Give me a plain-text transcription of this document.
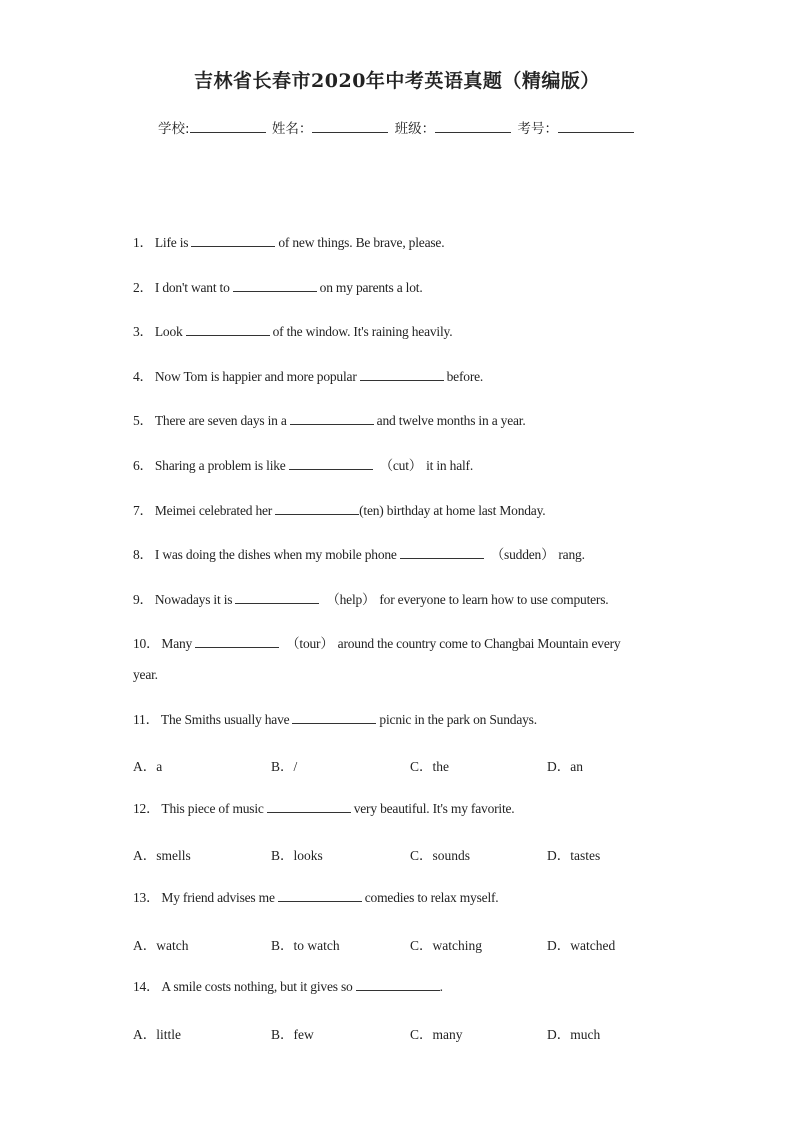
吉林省长春市2020年中考英语真题（精编版）
学校:	姓名：	班级：	考号：
1． Life is	of new things. Be brave, please.
2． I don't want to	on my parents a lot.
3． Look	of the window. It's raining heavily.
4． Now Tom is happier and more popular	before.
5． There are seven days in a	and twelve months in a year.
6． Sharing a problem is like	（cut） it in half.
7． Meimei celebrated her	(ten) birthday at home last Monday.
8． I was doing the dishes when my mobile phone	（sudden） rang.
9． Nowadays it is	（help） for everyone to learn how to use computers.
10． Many	（tour） around the country come to Changbai Mountain every year.
11． The Smiths usually have	picnic in the park on Sundays.
A．a	B．/	C．the	D．an
12． This piece of music	very beautiful. It's my favorite.
A．smells	B．looks	C．sounds	D．tastes
13． My friend advises me	comedies to relax myself.
A．watch	B．to watch	C．watching	D．watched
14． A smile costs nothing, but it gives so	.
A．little	B．few	C．many	D．much
